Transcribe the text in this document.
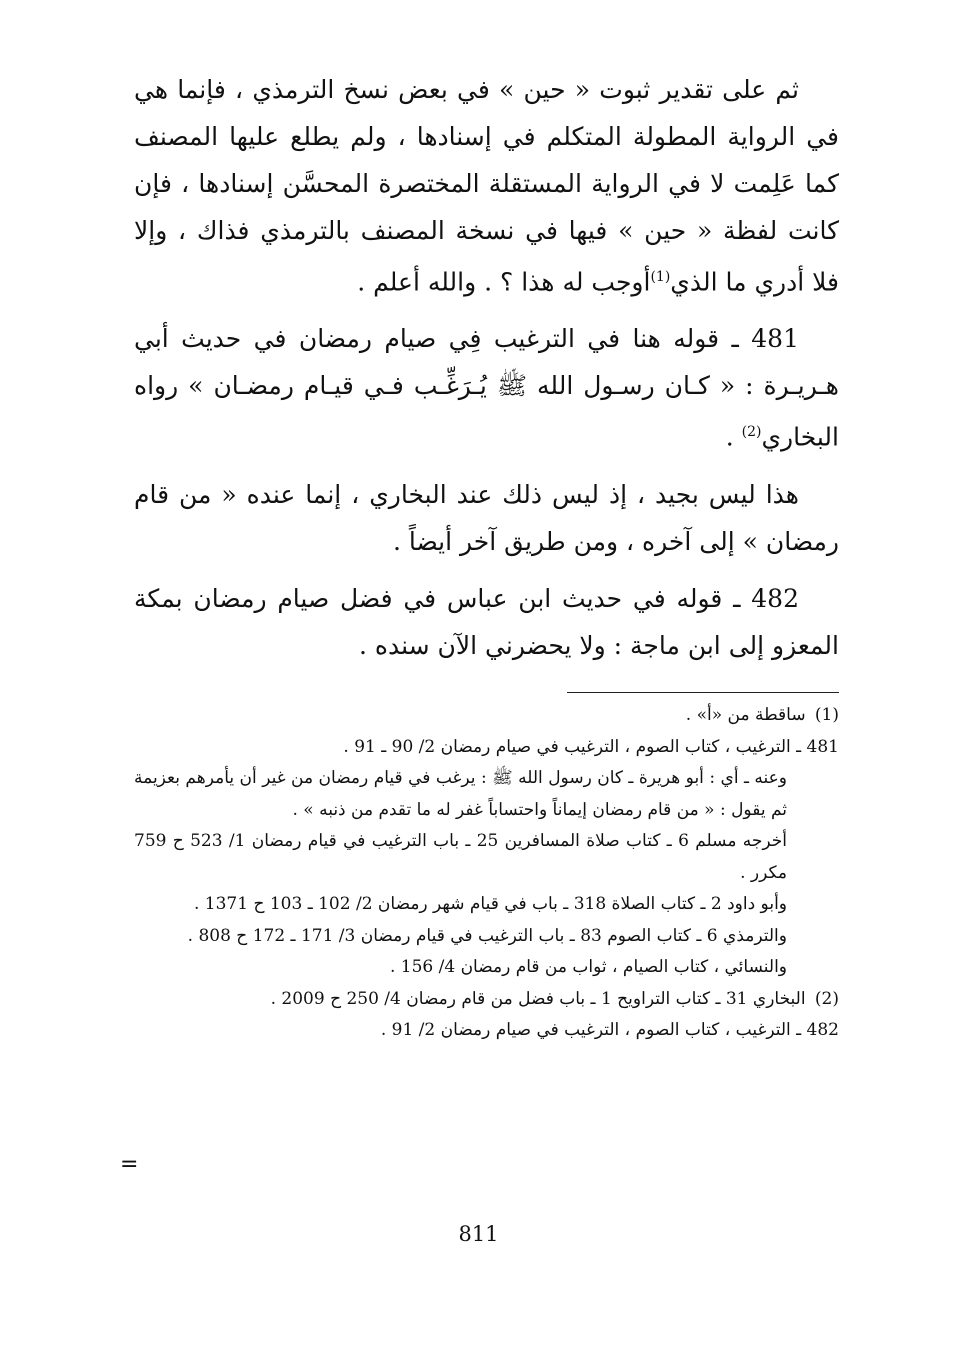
ثم على تقدير ثبوت « حين » في بعض نسخ الترمذي ، فإنما هي في الرواية المطولة المتكلم في إسنادها ، ولم يطلع عليها المصنف كما عَلِمت لا في الرواية المستقلة المختصرة المحسَّن إسنادها ، فإن كانت لفظة « حين » فيها في نسخة المصنف بالترمذي فذاك ، وإلا فلا أدري ما الذي$^{(1)}$أوجب له هذا ؟ . والله أعلم .

481 ـ قوله هنا في الترغيب فِي صيام رمضان في حديث أبي هـريـرة : « كـان رسـول الله ﷺ يُـرَغِّـب فـي قيـام رمضـان » رواه البخاري$^{(2)}$ .

هذا ليس بجيد ، إذ ليس ذلك عند البخاري ، إنما عنده « من قام رمضان » إلى آخره ، ومن طريق آخر أيضاً .

482 ـ قوله في حديث ابن عباس في فضل صيام رمضان بمكة المعزو إلى ابن ماجة : ولا يحضرني الآن سنده .

(1) ساقطة من «أ» .

481 ـ الترغيب ، كتاب الصوم ، الترغيب في صيام رمضان 2/ 90 ـ 91 .

وعنه ـ أي : أبو هريرة ـ كان رسول الله ﷺ : يرغب في قيام رمضان من غير أن يأمرهم بعزيمة ثم يقول : « من قام رمضان إيماناً واحتساباً غفر له ما تقدم من ذنبه » .

أخرجه مسلم 6 ـ كتاب صلاة المسافرين 25 ـ باب الترغيب في قيام رمضان 1/ 523 ح 759 مكرر .

وأبو داود 2 ـ كتاب الصلاة 318 ـ باب في قيام شهر رمضان 2/ 102 ـ 103 ح 1371 .

والترمذي 6 ـ كتاب الصوم 83 ـ باب الترغيب في قيام رمضان 3/ 171 ـ 172 ح 808 .

والنسائي ، كتاب الصيام ، ثواب من قام رمضان 4/ 156 .

(2) البخاري 31 ـ كتاب التراويح 1 ـ باب فضل من قام رمضان 4/ 250 ح 2009 .

482 ـ الترغيب ، كتاب الصوم ، الترغيب في صيام رمضان 2/ 91 .

=
811
